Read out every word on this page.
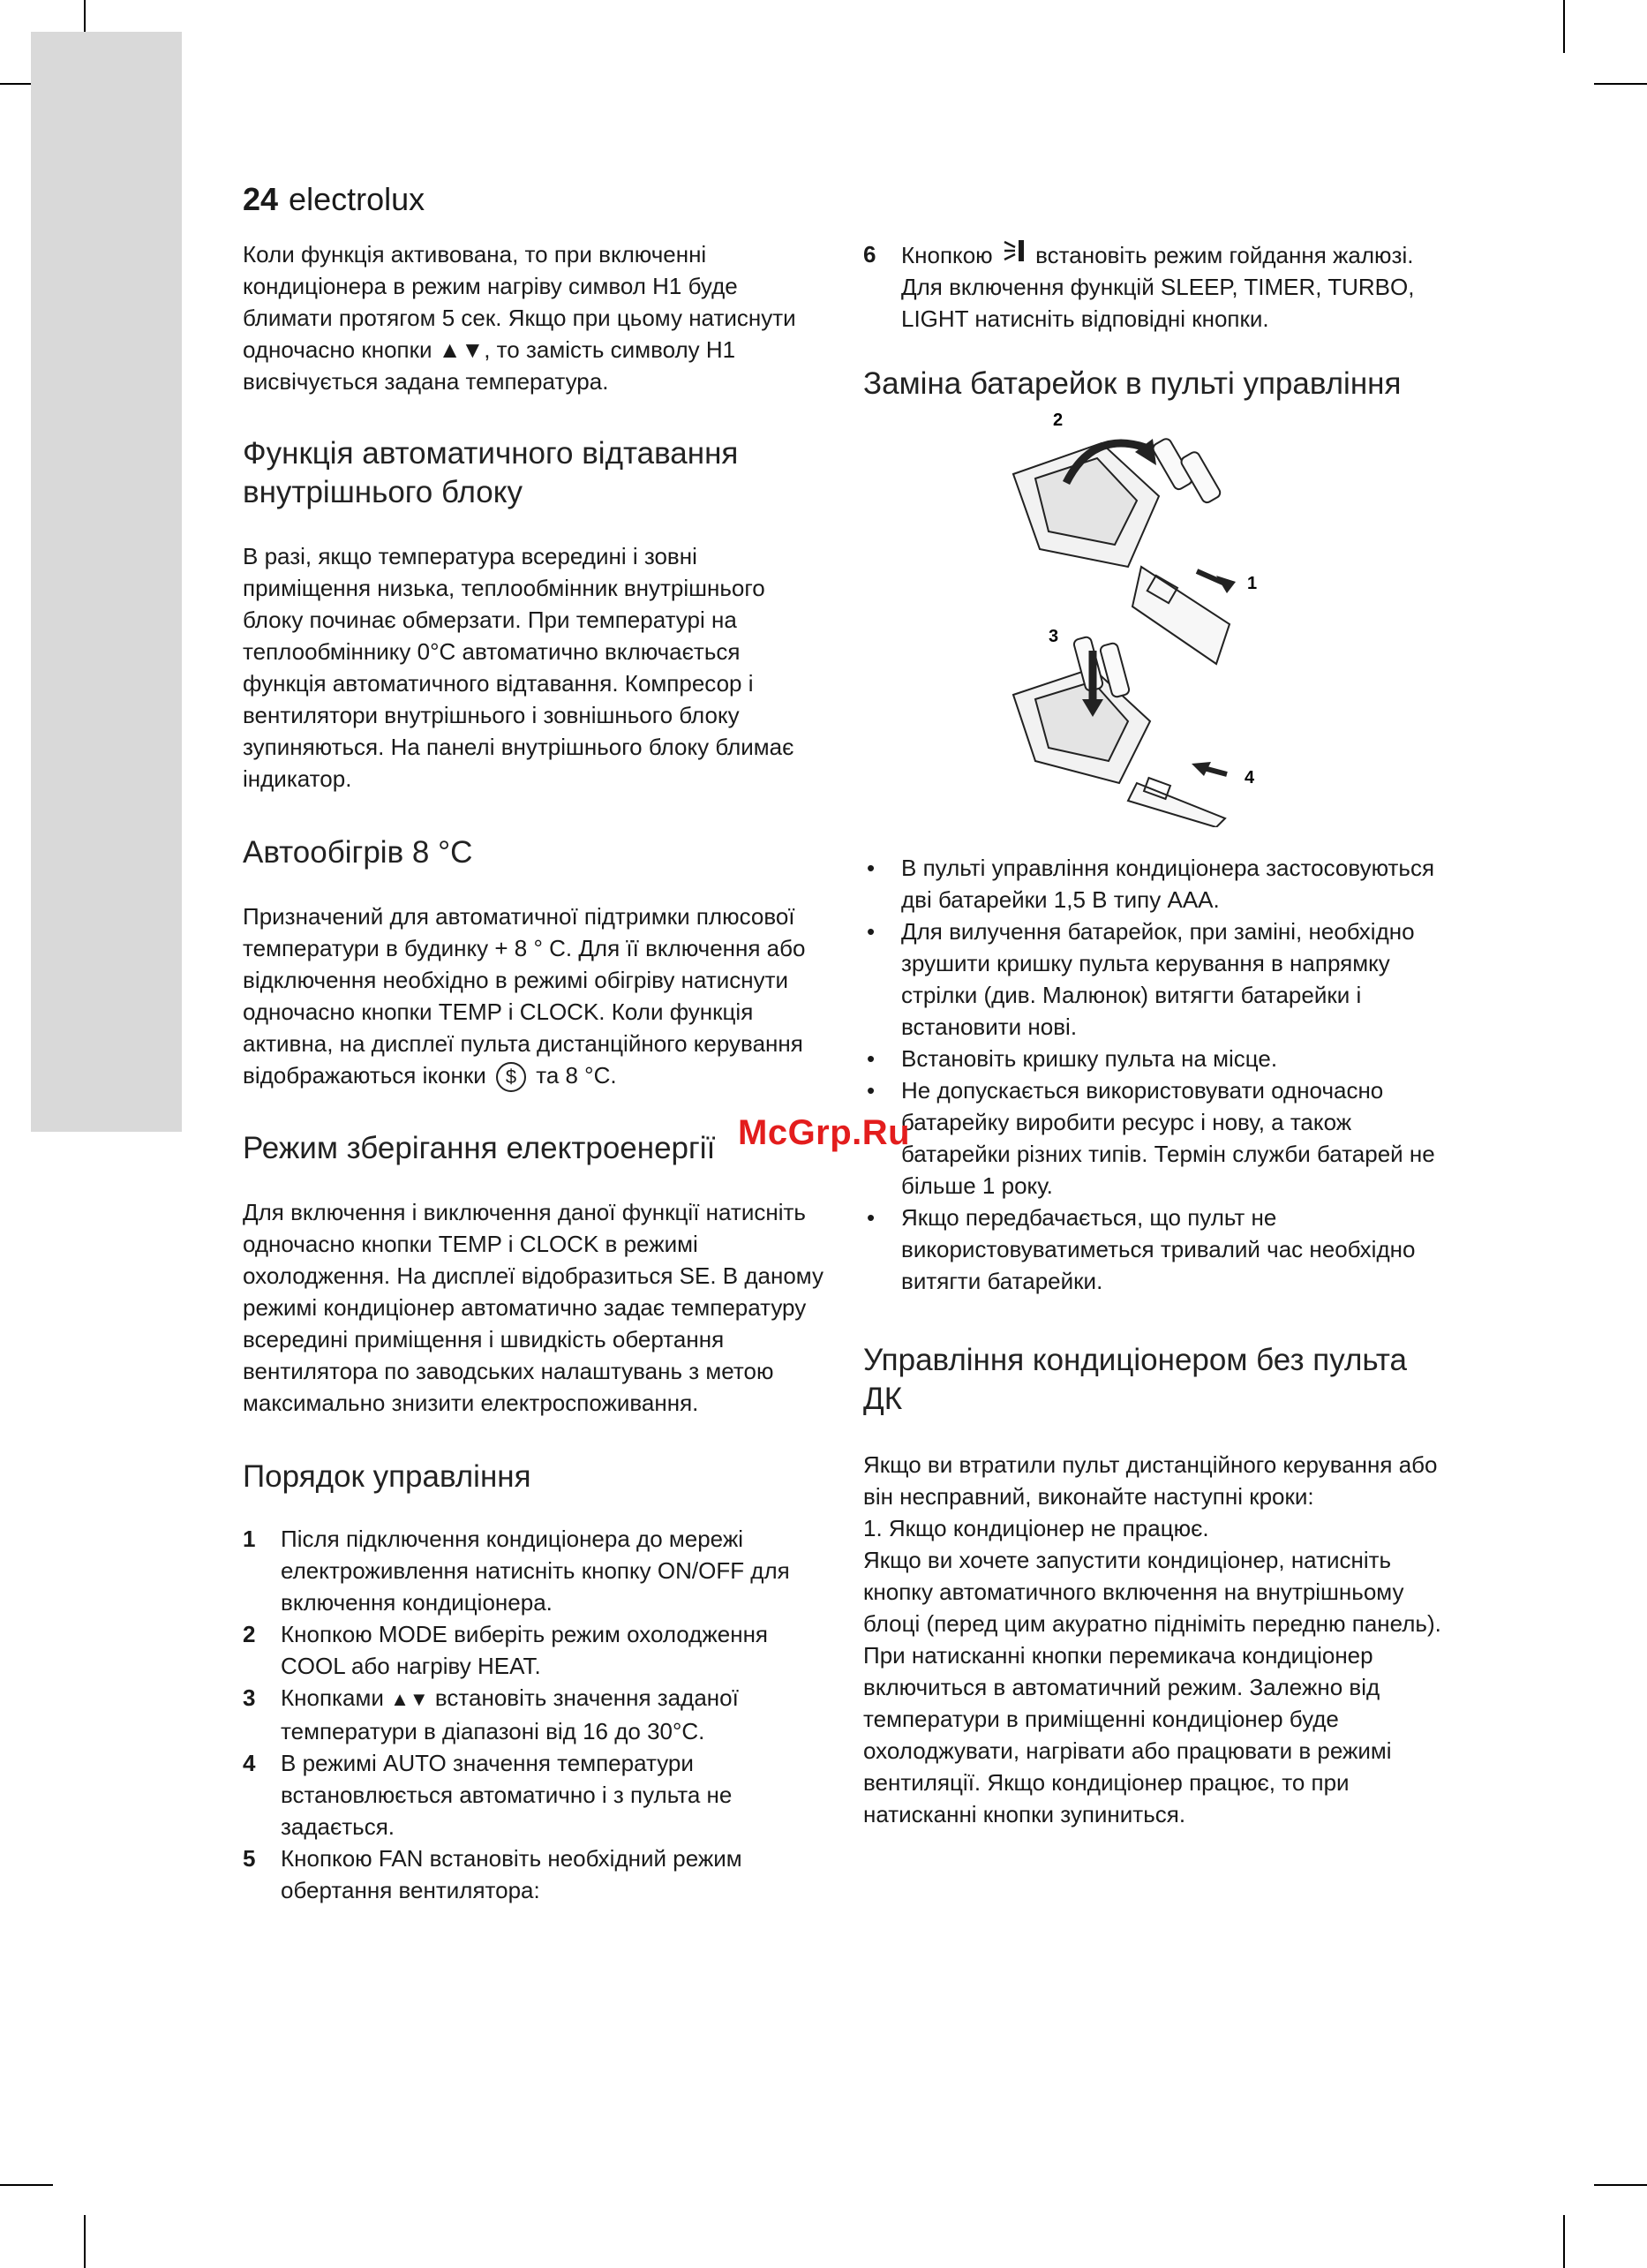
24 electrolux

Коли функція активована, то при включенні кондиціонера в режим нагріву символ H1 буде блимати протягом 5 сек. Якщо при цьому натиснути одночасно кнопки ▲▼, то замість символу H1 висвічується задана температура.

Функція автоматичного відтавання внутрішнього блоку

В разі, якщо температура всередині і зовні приміщення низька, теплообмінник внутрішнього блоку починає обмерзати. При температурі на теплообміннику 0°С автоматично включається функція автоматичного відтавання. Компресор і вентилятори внутрішнього і зовнішнього блоку зупиняються. На панелі внутрішнього блоку блимає індикатор.

Автообігрів 8 °С

Призначений для автоматичної підтримки плюсової температури в будинку + 8 ° С. Для її включення або відключення необхідно в режимі обігріву натиснути одночасно кнопки TEMP і CLOCK. Коли функція активна, на дисплеї пульта дистанційного керування відображаються іконки $ та 8 °С.

Режим зберігання електроенергії

Для включення і виключення даної функції натисніть одночасно кнопки TEMP і CLOCK в режимі охолодження. На дисплеї відобразиться SE. В даному режимі кондиціонер автоматично задає температуру всередині приміщення і швидкість обертання вентилятора по заводських налаштувань з метою максимально знизити електроспоживання.

Порядок управління
1 Після підключення кондиціонера до мережі електроживлення натисніть кнопку ON/OFF для включення кондиціонера.
2 Кнопкою MODE виберіть режим охолодження COOL або нагріву HEAT.
3 Кнопками ▲▼ встановіть значення заданої температури в діапазоні від 16 до 30°С.
4 В режимі AUTO значення температури встановлюється автоматично і з пульта не задається.
5 Кнопкою FAN встановіть необхідний режим обертання вентилятора:
6 Кнопкою встановіть режим гойдання жалюзі. Для включення функцій SLEEP, TIMER, TURBO, LIGHT натисніть відповідні кнопки.
Заміна батарейок в пульті управління
2
1
3
4
• В пульті управління кондиціонера застосовуються дві батарейки 1,5 В типу ААА.
• Для вилучення батарейок, при заміні, необхідно зрушити кришку пульта керування в напрямку стрілки (див. Малюнок) витягти батарейки і встановити нові.
• Встановіть кришку пульта на місце.
• Не допускається використовувати одночасно батарейку виробити ресурс і нову, а також батарейки різних типів. Термін служби батарей не більше 1 року.
• Якщо передбачається, що пульт не використовуватиметься тривалий час необхідно витягти батарейки.
Управління кондиціонером без пульта ДК

Якщо ви втратили пульт дистанційного керування або він несправний, виконайте наступні кроки:

1. Якщо кондиціонер не працює.

Якщо ви хочете запустити кондиціонер, натисніть кнопку автоматичного включення на внутрішньому блоці (перед цим акуратно підніміть передню панель).

При натисканні кнопки перемикача кондиціонер включиться в автоматичний режим. Залежно від температури в приміщенні кондиціонер буде охолоджувати, нагрівати або працювати в режимі вентиляції. Якщо кондиціонер працює, то при натисканні кнопки зупиниться.

McGrp.Ru
